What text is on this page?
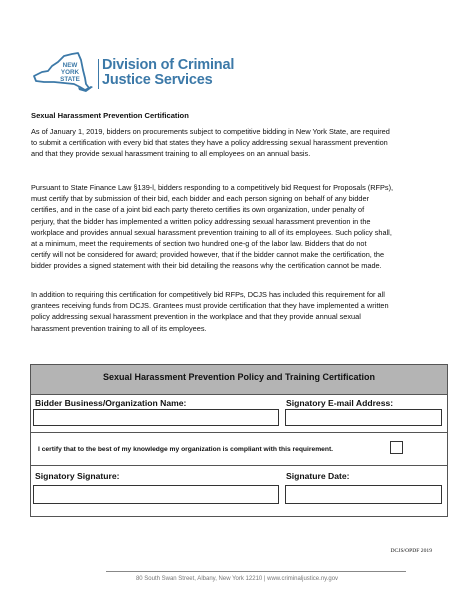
NEW
YORK
STATE
Division of Criminal
Justice Services
Sexual Harassment Prevention Certification
As of January 1, 2019, bidders on procurements subject to competitive bidding in New York State, are required
to submit a certification with every bid that states they have a policy addressing sexual harassment prevention
and that they provide sexual harassment training to all employees on an annual basis.
Pursuant to State Finance Law §139-l, bidders responding to a competitively bid Request for Proposals (RFPs),
must certify that by submission of their bid, each bidder and each person signing on behalf of any bidder
certifies, and in the case of a joint bid each party thereto certifies its own organization, under penalty of
perjury, that the bidder has implemented a written policy addressing sexual harassment prevention in the
workplace and provides annual sexual harassment prevention training to all of its employees. Such policy shall,
at a minimum, meet the requirements of section two hundred one-g of the labor law. Bidders that do not
certify will not be considered for award; provided however, that if the bidder cannot make the certification, the
bidder provides a signed statement with their bid detailing the reasons why the certification cannot be made.
In addition to requiring this certification for competitively bid RFPs, DCJS has included this requirement for all
grantees receiving funds from DCJS. Grantees must provide certification that they have implemented a written
policy addressing sexual harassment prevention in the workplace and that they provide annual sexual
harassment prevention training to all of its employees.
Sexual Harassment Prevention Policy and Training Certification
Bidder Business/Organization Name:	Signatory E-mail Address:
I certify that to the best of my knowledge my organization is compliant with this requirement.
Signatory Signature:	Signature Date:
DCJS/OPDF 2019
80 South Swan Street, Albany, New York 12210 | www.criminaljustice.ny.gov
